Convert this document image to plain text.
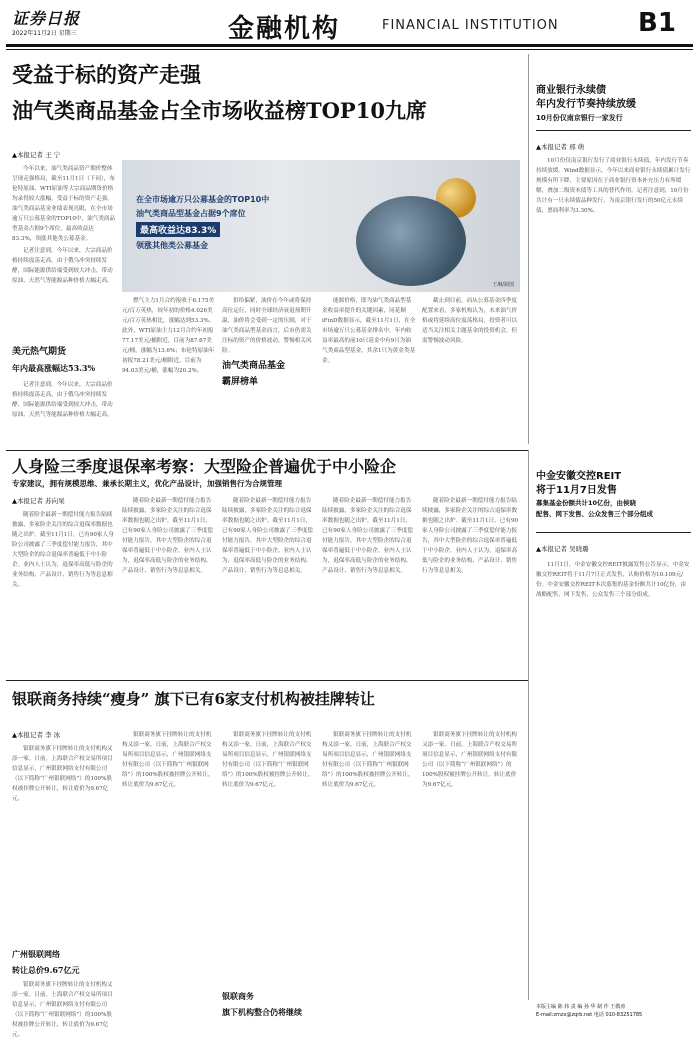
证券日报
2022年11月2日 星期三	金融机构	FINANCIAL INSTITUTION	B1
受益于标的资产走强
油气类商品基金占全市场收益榜TOP10九席
▲本报记者 王 宁
在全市场逾万只公募基金的TOP10中
油气类商品型基金占据9个席位
最高收益达83.3%
领涨其他类公募基金
王琳/制图

今年以来，油气类商品资产期价整体呈现走强格局，截至11月1日（下同），布伦特原油、WTI原油等大宗商品期货价格均录得较大涨幅，受益于标的资产走强，油气类商品基金业绩表现亮眼，在全市场逾万只公募基金的TOP10中，油气类商品型基金占据9个席位，最高收益达83.3%，领涨其他类公募基金。

记者注意到，今年以来，大宗商品价格持续震荡走高，由于俄乌冲突持续发酵，国际能源供给端受到较大冲击，带动原油、天然气等能源品种价格大幅走高。

美元热气期货
年内最高涨幅达53.3%

记者注意到，今年以来，大宗商品价格持续震荡走高，由于俄乌冲突持续发酵，国际能源供给端受到较大冲击，带动原油、天然气等能源品种价格大幅走高。

燃气主力1月合约报收于6.175美元/百万英热，较年初的价格4.026美元/百万英热相比，涨幅达到53.3%。此外，WTI原油主力12月合约年初报77.17美元/桶附近，目前为87.67美元/桶，涨幅为13.6%；布伦特原油年初报78.21美元/桶附近，目前为94.03美元/桶，涨幅为20.2%。

供给偏紧，油价在今年或将保持高位运行，同时全球经济衰退预期升温，油价将会受到一定的压制，对于油气类商品型基金而言，后市仍需关注标的资产的价格波动，警惕相关风险。

油气类商品基金
霸屏榜单

能源价格，即为油气类商品型基金收益率提升的关键因素，同花顺iFinD数据显示，截至11月1日，在全市场逾万只公募基金排名中，年内收益率最高的前10只基金中有9只为油气类商品型基金，其余1只为黄金类基金。

截止到目前，而从公募基金四季度配置来看，多家机构认为，未来油气价格或将延续高位震荡格局，投资者可以适当关注相关主题基金的投资机会，但需警惕波动风险。

商业银行永续债
年内发行节奏持续放缓
10月份仅南京银行一家发行
▲本报记者 邢 萌

10月份仅南京银行发行了商业银行永续债，年内发行节奏持续放缓。Wind数据显示，今年以来商业银行永续债累计发行规模有所下降，主要原因在于商业银行资本补充压力有所缓解，叠加二级资本债等工具的替代作用。记者注意到，10月份共计有一只永续债品种发行，为南京银行发行的50亿元永续债，票面利率为3.30%。

人身险三季度退保率考察：大型险企普遍优于中小险企
专家建议，拥有规模思维、兼承长期主义，优化产品设计，加强销售行为合规管理
▲本报记者 苏向杲

随着险企最新一期偿付能力报告陆续披露，多家险企关注的综合退保率数据也随之出炉。截至11月1日，已有90家人身险公司披露了三季度偿付能力报告，其中大型险企的综合退保率普遍低于中小险企。业内人士认为，退保率高低与险企的业务结构、产品设计、销售行为等息息相关。

随着险企最新一期偿付能力报告陆续披露，多家险企关注的综合退保率数据也随之出炉。截至11月1日，已有90家人身险公司披露了三季度偿付能力报告，其中大型险企的综合退保率普遍低于中小险企。业内人士认为，退保率高低与险企的业务结构、产品设计、销售行为等息息相关。

随着险企最新一期偿付能力报告陆续披露，多家险企关注的综合退保率数据也随之出炉。截至11月1日，已有90家人身险公司披露了三季度偿付能力报告，其中大型险企的综合退保率普遍低于中小险企。业内人士认为，退保率高低与险企的业务结构、产品设计、销售行为等息息相关。

随着险企最新一期偿付能力报告陆续披露，多家险企关注的综合退保率数据也随之出炉。截至11月1日，已有90家人身险公司披露了三季度偿付能力报告，其中大型险企的综合退保率普遍低于中小险企。业内人士认为，退保率高低与险企的业务结构、产品设计、销售行为等息息相关。

随着险企最新一期偿付能力报告陆续披露，多家险企关注的综合退保率数据也随之出炉。截至11月1日，已有90家人身险公司披露了三季度偿付能力报告，其中大型险企的综合退保率普遍低于中小险企。业内人士认为，退保率高低与险企的业务结构、产品设计、销售行为等息息相关。

中金安徽交控REIT
将于11月7日发售
募集基金份额共计10亿份，由侯晓
配售、网下发售、公众发售三个部分组成
▲本报记者 吴晓璐

11月1日，中金安徽交控REIT披露发售公告显示，中金安徽交控REIT将于11月7日正式发售，认购价格为10.109元/份。中金安徽交控REIT本次募集的基金份额共计10亿份，由战略配售、网下发售、公众发售三个部分组成。

银联商务持续“瘦身” 旗下已有6家支付机构被挂牌转让
▲本报记者 李 冰

银联商务旗下挂牌转让的支付机构又添一家。日前，上海联合产权交易所项目信息显示，广州银联网络支付有限公司（以下简称“广州银联网络”）的100%股权被挂牌公开转让，转让底价为9.67亿元。

广州银联网络
转让总价9.67亿元

银联商务旗下挂牌转让的支付机构又添一家。日前，上海联合产权交易所项目信息显示，广州银联网络支付有限公司（以下简称“广州银联网络”）的100%股权被挂牌公开转让，转让底价为9.67亿元。

银联商务旗下挂牌转让的支付机构又添一家。日前，上海联合产权交易所项目信息显示，广州银联网络支付有限公司（以下简称“广州银联网络”）的100%股权被挂牌公开转让，转让底价为9.67亿元。

银联商务旗下挂牌转让的支付机构又添一家。日前，上海联合产权交易所项目信息显示，广州银联网络支付有限公司（以下简称“广州银联网络”）的100%股权被挂牌公开转让，转让底价为9.67亿元。

银联商务
旗下机构整合仍将继续

银联商务旗下挂牌转让的支付机构又添一家。日前，上海联合产权交易所项目信息显示，广州银联网络支付有限公司（以下简称“广州银联网络”）的100%股权被挂牌公开转让，转让底价为9.67亿元。

银联商务旗下挂牌转让的支付机构又添一家。日前，上海联合产权交易所项目信息显示，广州银联网络支付有限公司（以下简称“广州银联网络”）的100%股权被挂牌公开转让，转让底价为9.67亿元。

本版主编 陈 炜 责 编 孙 华 制 作 王敬涛
E-mail:zmzx@zqrb.net 电话 010-83251785
